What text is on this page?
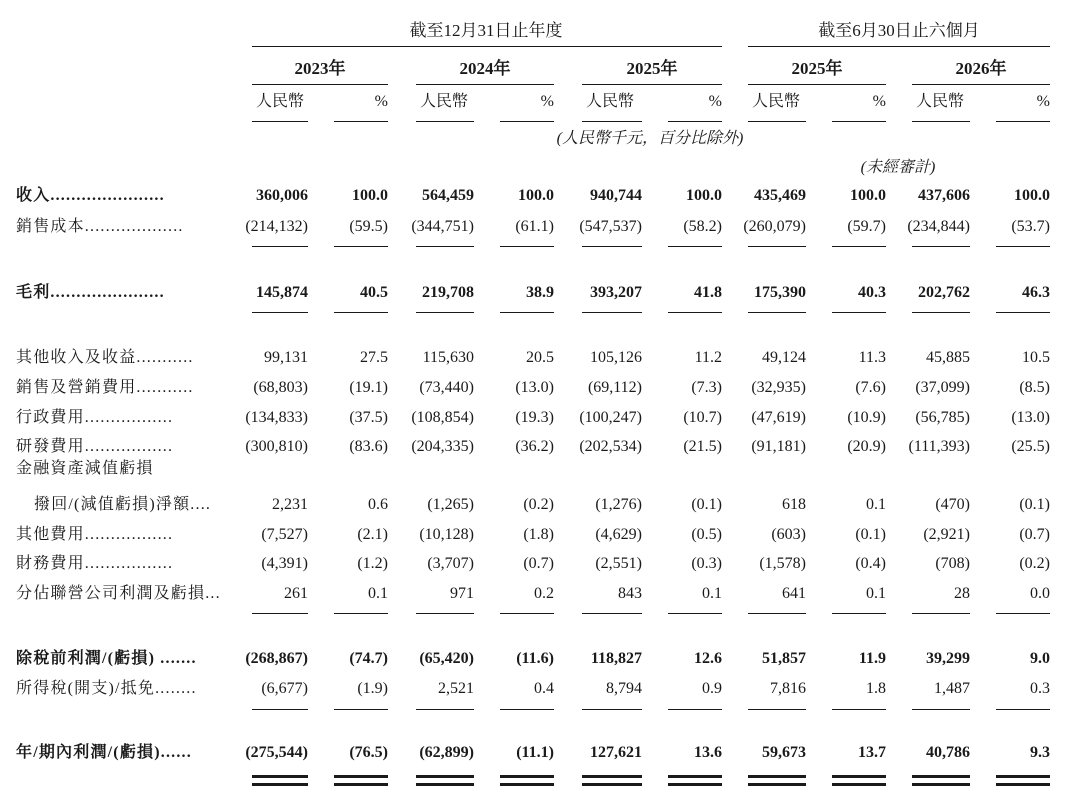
截至12月31日止年度	截至6月30日止六個月
2023年	2024年	2025年	2025年	2026年
人民幣	% 人民幣	% 人民幣	% 人民幣	% 人民幣	%
(人民幣千元，百分比除外)
(未經審計)
收入......................	360,006	100.0 564,459	100.0 940,744	100.0 435,469	100.0 437,606	100.0
銷售成本...................	(214,132)	(59.5) (344,751)	(61.1) (547,537)	(58.2) (260,079)	(59.7) (234,844)	(53.7)
毛利......................	145,874	40.5 219,708	38.9 393,207	41.8 175,390	40.3 202,762	46.3
其他收入及收益...........	99,131	27.5 115,630	20.5 105,126	11.2	49,124	11.3	45,885	10.5
銷售及營銷費用...........	(68,803)	(19.1) (73,440)	(13.0) (69,112)	(7.3) (32,935)	(7.6) (37,099)	(8.5)
行政費用.................	(134,833)	(37.5) (108,854)	(19.3) (100,247)	(10.7) (47,619)	(10.9) (56,785)	(13.0)
研發費用.................	(300,810)	(83.6) (204,335)	(36.2) (202,534)	(21.5) (91,181)	(20.9) (111,393)	(25.5)
金融資產減值虧損
撥回/(減值虧損)淨額....	2,231	0.6 (1,265)	(0.2)	(1,276)	(0.1)	618	0.1	(470)	(0.1)
其他費用.................	(7,527)	(2.1) (10,128)	(1.8)	(4,629)	(0.5)	(603)	(0.1) (2,921)	(0.7)
財務費用.................	(4,391)	(1.2) (3,707)	(0.7)	(2,551)	(0.3) (1,578)	(0.4)	(708)	(0.2)
分佔聯營公司利潤及虧損...	261	0.1	971	0.2	843	0.1	641	0.1	28	0.0
除稅前利潤/(虧損) .......	(268,867)	(74.7) (65,420)	(11.6) 118,827	12.6	51,857	11.9	39,299	9.0
所得稅(開支)/抵免........	(6,677)	(1.9)	2,521	0.4	8,794	0.9	7,816	1.8	1,487	0.3
年/期內利潤/(虧損)......	(275,544)	(76.5) (62,899)	(11.1) 127,621	13.6	59,673	13.7	40,786	9.3
